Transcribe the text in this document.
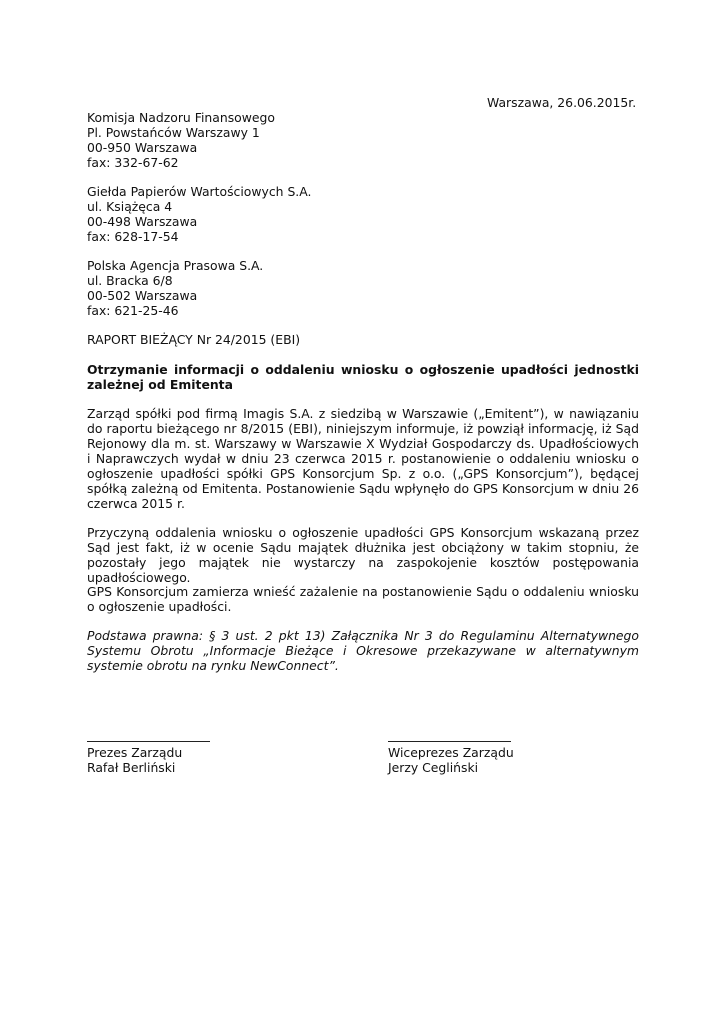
Warszawa, 26.06.2015r.
Komisja Nadzoru Finansowego
Pl. Powstańców Warszawy 1
00-950 Warszawa
fax: 332-67-62
Giełda Papierów Wartościowych S.A.
ul. Książęca 4
00-498 Warszawa
fax: 628-17-54
Polska Agencja Prasowa S.A.
ul. Bracka 6/8
00-502 Warszawa
fax: 621-25-46
RAPORT BIEŻĄCY Nr 24/2015 (EBI)
Otrzymanie informacji o oddaleniu wniosku o ogłoszenie upadłości jednostki zależnej od Emitenta
Zarząd spółki pod firmą Imagis S.A. z siedzibą w Warszawie („Emitent”), w nawiązaniu do raportu bieżącego nr 8/2015 (EBI), niniejszym informuje, iż powziął informację, iż Sąd Rejonowy dla m. st. Warszawy w Warszawie X Wydział Gospodarczy ds. Upadłościowych i Naprawczych wydał w dniu 23 czerwca 2015 r. postanowienie o oddaleniu wniosku o ogłoszenie upadłości spółki GPS Konsorcjum Sp. z o.o. („GPS Konsorcjum”), będącej spółką zależną od Emitenta. Postanowienie Sądu wpłynęło do GPS Konsorcjum w dniu 26 czerwca 2015 r.
Przyczyną oddalenia wniosku o ogłoszenie upadłości GPS Konsorcjum wskazaną przez Sąd jest fakt, iż w ocenie Sądu majątek dłużnika jest obciążony w takim stopniu, że pozostały jego majątek nie wystarczy na zaspokojenie kosztów postępowania upadłościowego.
GPS Konsorcjum zamierza wnieść zażalenie na postanowienie Sądu o oddaleniu wniosku o ogłoszenie upadłości.
Podstawa prawna: § 3 ust. 2 pkt 13) Załącznika Nr 3 do Regulaminu Alternatywnego Systemu Obrotu „Informacje Bieżące i Okresowe przekazywane w alternatywnym systemie obrotu na rynku NewConnect”.
Prezes Zarządu
Rafał Berliński
Wiceprezes Zarządu
Jerzy Cegliński
